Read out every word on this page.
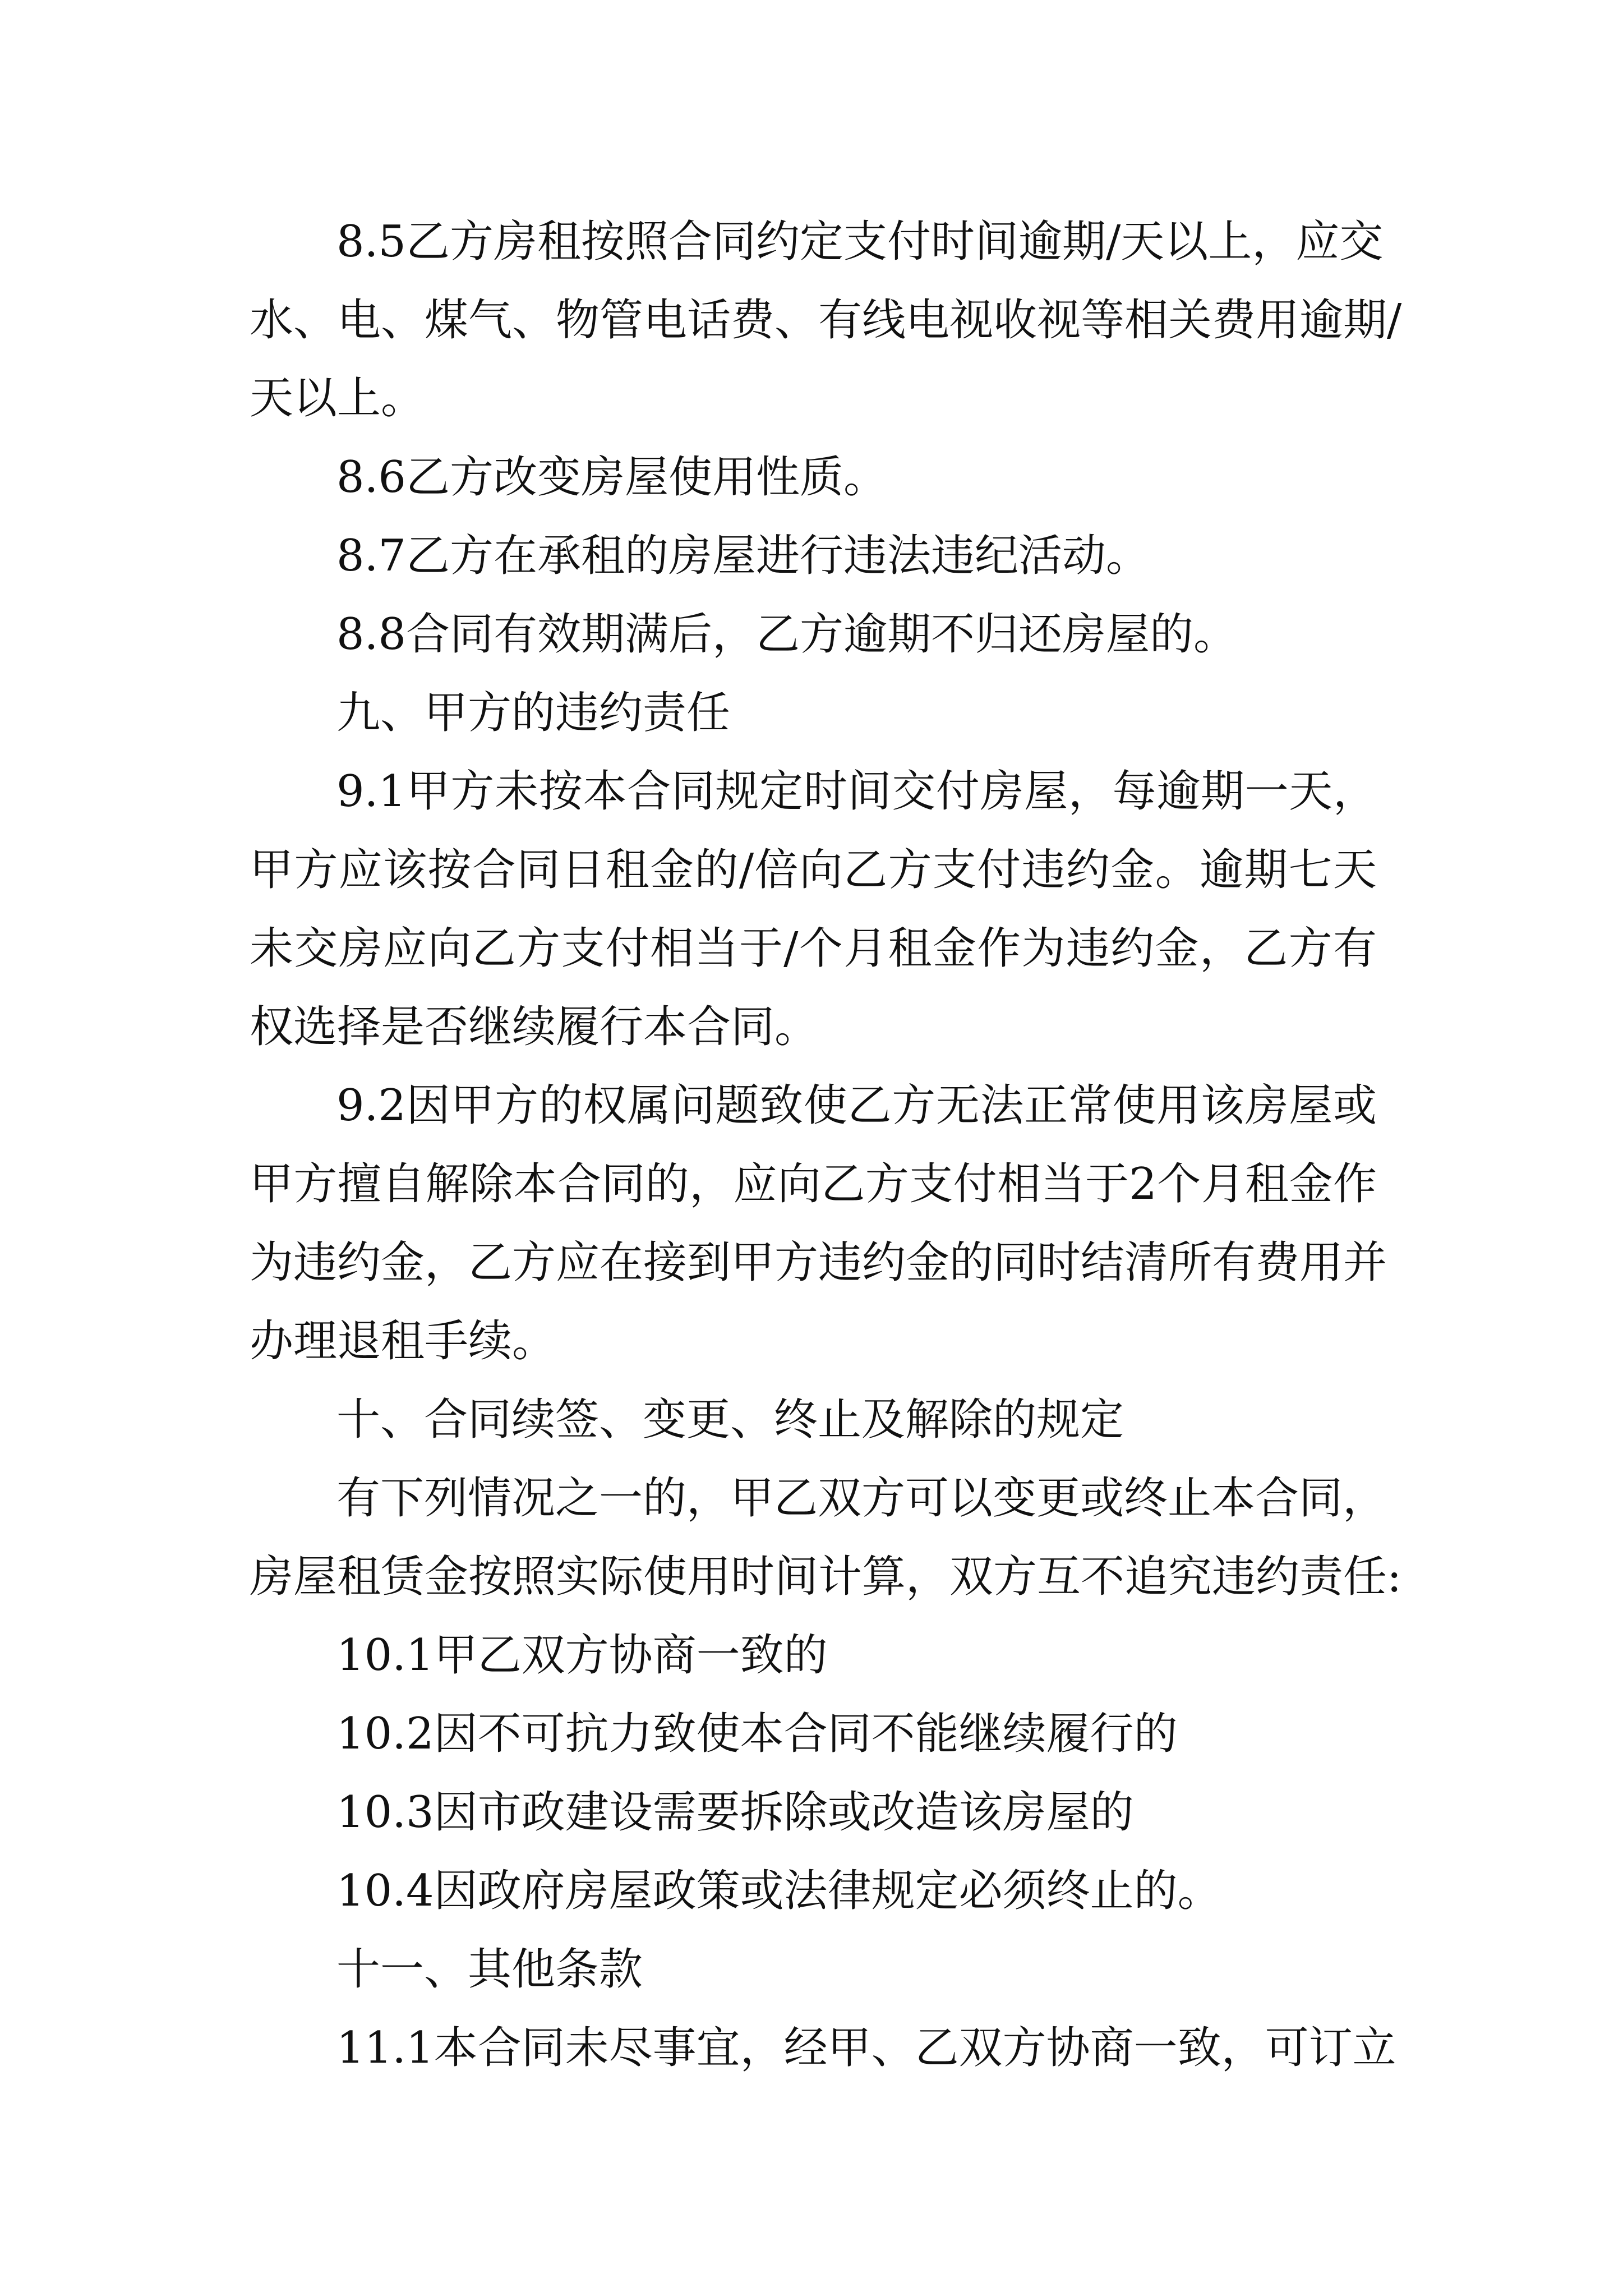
8.5乙方房租按照合同约定支付时间逾期/天以上，应交
水、电、煤气、物管电话费、有线电视收视等相关费用逾期/
天以上。
8.6乙方改变房屋使用性质。
8.7乙方在承租的房屋进行违法违纪活动。
8.8合同有效期满后，乙方逾期不归还房屋的。
九、甲方的违约责任
9.1甲方未按本合同规定时间交付房屋，每逾期一天，
甲方应该按合同日租金的/倍向乙方支付违约金。逾期七天
未交房应向乙方支付相当于/个月租金作为违约金，乙方有
权选择是否继续履行本合同。
9.2因甲方的权属问题致使乙方无法正常使用该房屋或
甲方擅自解除本合同的，应向乙方支付相当于2个月租金作
为违约金，乙方应在接到甲方违约金的同时结清所有费用并
办理退租手续。
十、合同续签、变更、终止及解除的规定
有下列情况之一的，甲乙双方可以变更或终止本合同，
房屋租赁金按照实际使用时间计算，双方互不追究违约责任:
10.1甲乙双方协商一致的
10.2因不可抗力致使本合同不能继续履行的
10.3因市政建设需要拆除或改造该房屋的
10.4因政府房屋政策或法律规定必须终止的。
十一、其他条款
11.1本合同未尽事宜，经甲、乙双方协商一致，可订立
